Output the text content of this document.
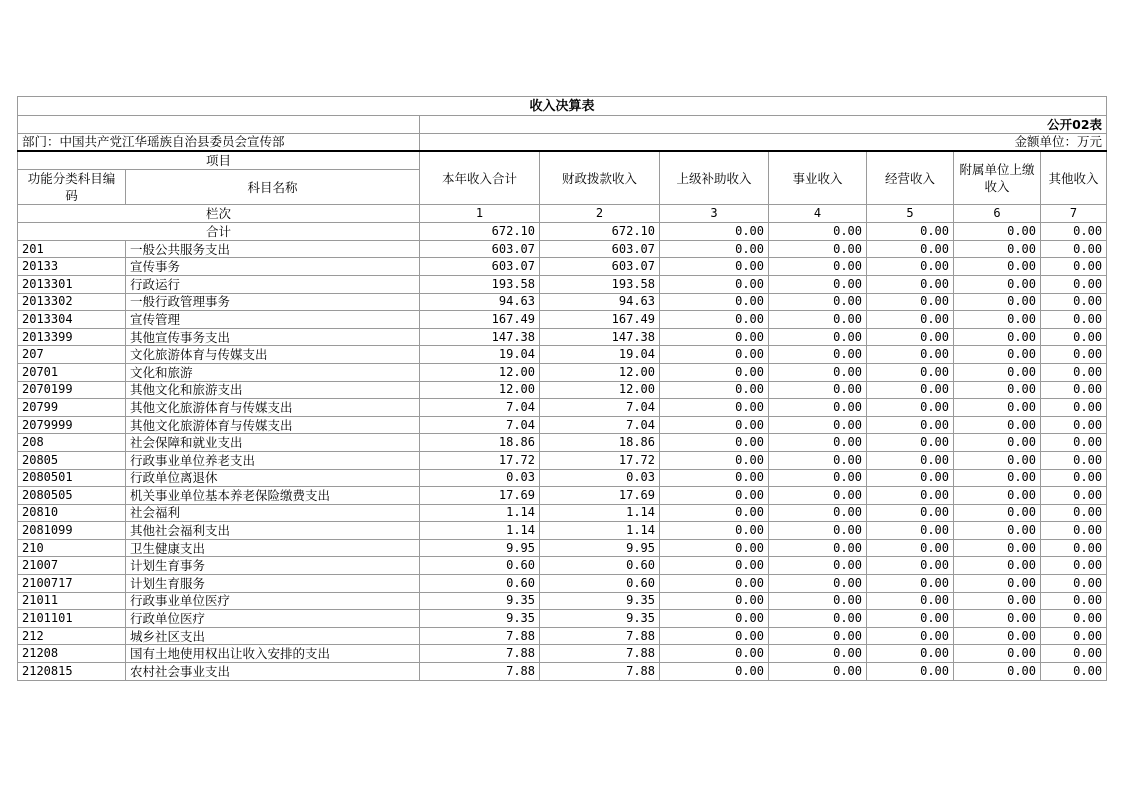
收入决算表								
		公开02表						
部门：中国共产党江华瑶族自治县委员会宣传部		金额单位：万元						
项目		本年收入合计	财政拨款收入	上级补助收入	事业收入	经营收入	附属单位上缴收入	其他收入
功能分类科目编码	科目名称							
栏次		1	2	3	4	5	6	7
合计		672.10	672.10	0.00	0.00	0.00	0.00	0.00
201	一般公共服务支出	603.07	603.07	0.00	0.00	0.00	0.00	0.00
20133	宣传事务	603.07	603.07	0.00	0.00	0.00	0.00	0.00
2013301	行政运行	193.58	193.58	0.00	0.00	0.00	0.00	0.00
2013302	一般行政管理事务	94.63	94.63	0.00	0.00	0.00	0.00	0.00
2013304	宣传管理	167.49	167.49	0.00	0.00	0.00	0.00	0.00
2013399	其他宣传事务支出	147.38	147.38	0.00	0.00	0.00	0.00	0.00
207	文化旅游体育与传媒支出	19.04	19.04	0.00	0.00	0.00	0.00	0.00
20701	文化和旅游	12.00	12.00	0.00	0.00	0.00	0.00	0.00
2070199	其他文化和旅游支出	12.00	12.00	0.00	0.00	0.00	0.00	0.00
20799	其他文化旅游体育与传媒支出	7.04	7.04	0.00	0.00	0.00	0.00	0.00
2079999	其他文化旅游体育与传媒支出	7.04	7.04	0.00	0.00	0.00	0.00	0.00
208	社会保障和就业支出	18.86	18.86	0.00	0.00	0.00	0.00	0.00
20805	行政事业单位养老支出	17.72	17.72	0.00	0.00	0.00	0.00	0.00
2080501	行政单位离退休	0.03	0.03	0.00	0.00	0.00	0.00	0.00
2080505	机关事业单位基本养老保险缴费支出	17.69	17.69	0.00	0.00	0.00	0.00	0.00
20810	社会福利	1.14	1.14	0.00	0.00	0.00	0.00	0.00
2081099	其他社会福利支出	1.14	1.14	0.00	0.00	0.00	0.00	0.00
210	卫生健康支出	9.95	9.95	0.00	0.00	0.00	0.00	0.00
21007	计划生育事务	0.60	0.60	0.00	0.00	0.00	0.00	0.00
2100717	计划生育服务	0.60	0.60	0.00	0.00	0.00	0.00	0.00
21011	行政事业单位医疗	9.35	9.35	0.00	0.00	0.00	0.00	0.00
2101101	行政单位医疗	9.35	9.35	0.00	0.00	0.00	0.00	0.00
212	城乡社区支出	7.88	7.88	0.00	0.00	0.00	0.00	0.00
21208	国有土地使用权出让收入安排的支出	7.88	7.88	0.00	0.00	0.00	0.00	0.00
2120815	农村社会事业支出	7.88	7.88	0.00	0.00	0.00	0.00	0.00
